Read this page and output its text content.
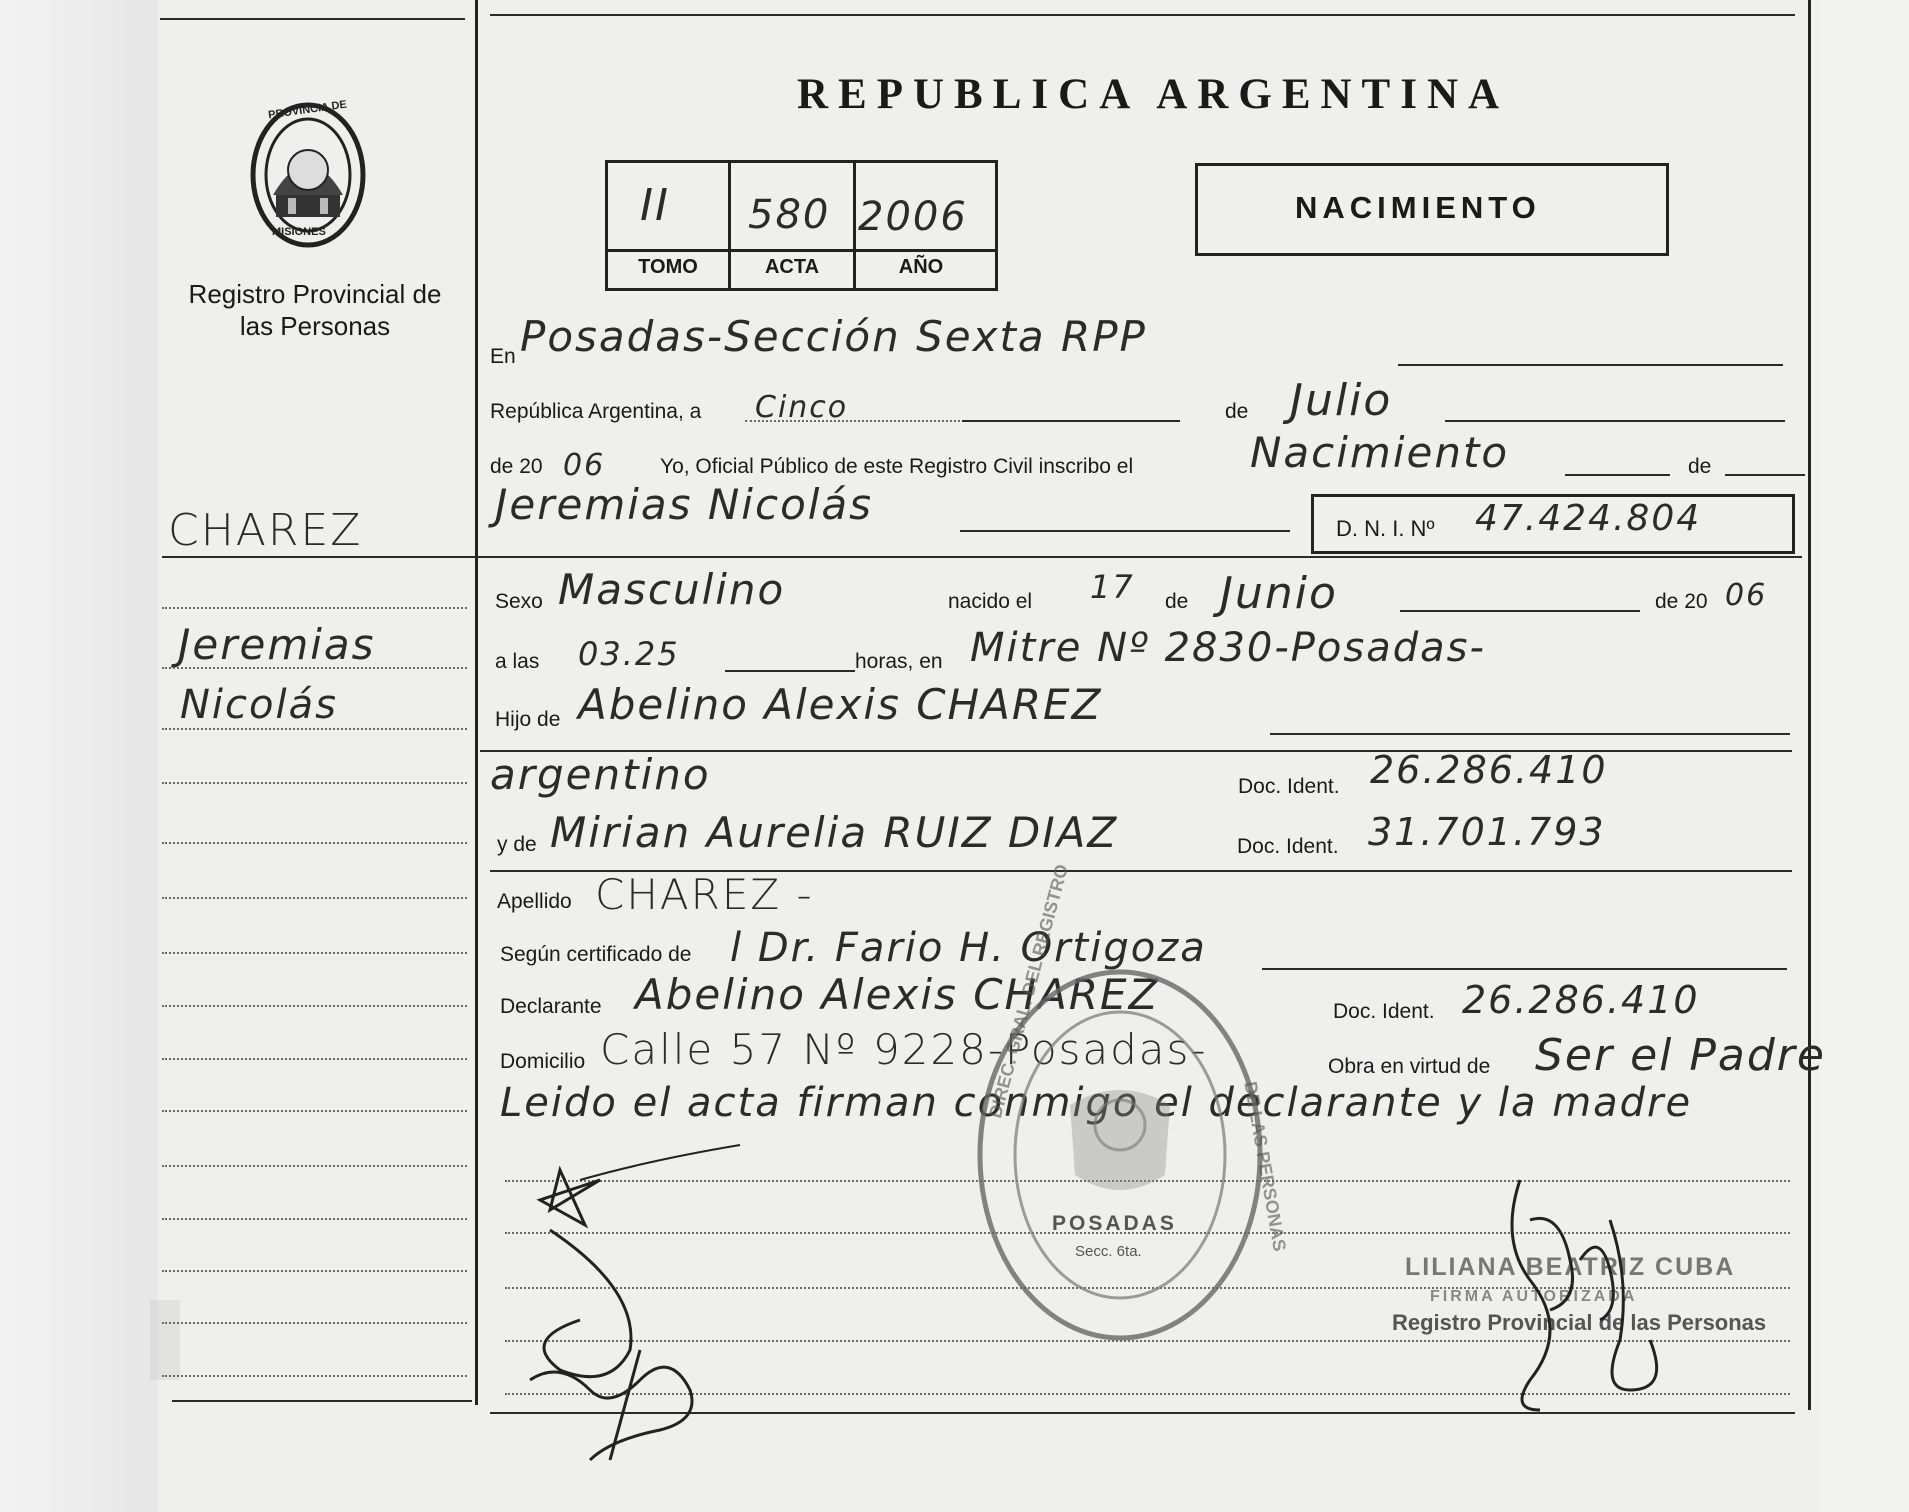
PROVINCIA DE
MISIONES
Registro Provincial de las Personas
REPUBLICA ARGENTINA
II 580 2006
TOMO	ACTA	AÑO
NACIMIENTO
CHAREZ
Jeremias
Nicolás
En Posadas-Sección Sexta RPP
República Argentina, a Cinco	de Julio
de 20 06	Yo, Oficial Público de este Registro Civil inscribo el	Nacimiento	de
Jeremias Nicolás	D. N. I. Nº 47.424.804
Sexo Masculino	nacido el 17 de Junio	de 20 06
a las 03.25	horas, en Mitre Nº 2830-Posadas-
Hijo de Abelino Alexis CHAREZ
argentino	Doc. Ident. 26.286.410
y de Mirian Aurelia RUIZ DIAZ	Doc. Ident. 31.701.793
Apellido CHAREZ -
Según certificado de l Dr. Fario H. Ortigoza
Declarante Abelino Alexis CHAREZ	Doc. Ident. 26.286.410
Domicilio Calle 57 Nº 9228-Posadas-	Obra en virtud de Ser el Padre
Leido el acta firman conmigo el declarante y la madre
DIREC. GRAL. DEL REGISTRO
DE LAS PERSONAS
POSADAS
Secc. 6ta.
LILIANA BEATRIZ CUBA
FIRMA AUTORIZADA
Registro Provincial de las Personas
